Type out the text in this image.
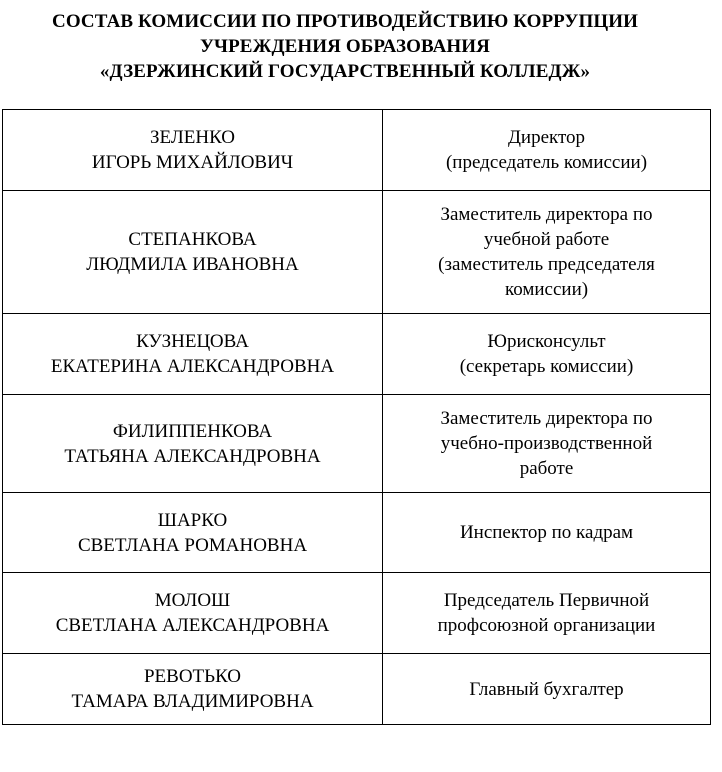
СОСТАВ КОМИССИИ ПО ПРОТИВОДЕЙСТВИЮ КОРРУПЦИИ
УЧРЕЖДЕНИЯ ОБРАЗОВАНИЯ
«ДЗЕРЖИНСКИЙ ГОСУДАРСТВЕННЫЙ КОЛЛЕДЖ»
ЗЕЛЕНКО
ИГОРЬ МИХАЙЛОВИЧ	Директор
(председатель комиссии)

СТЕПАНКОВА
ЛЮДМИЛА ИВАНОВНА	Заместитель директора по
учебной работе
(заместитель председателя
комиссии)

КУЗНЕЦОВА
ЕКАТЕРИНА АЛЕКСАНДРОВНА	Юрисконсульт
(секретарь комиссии)

ФИЛИППЕНКОВА
ТАТЬЯНА АЛЕКСАНДРОВНА	Заместитель директора по
учебно-производственной
работе

ШАРКО
СВЕТЛАНА РОМАНОВНА	Инспектор по кадрам

МОЛОШ
СВЕТЛАНА АЛЕКСАНДРОВНА	Председатель Первичной
профсоюзной организации

РЕВОТЬКО
ТАМАРА ВЛАДИМИРОВНА	Главный бухгалтер
